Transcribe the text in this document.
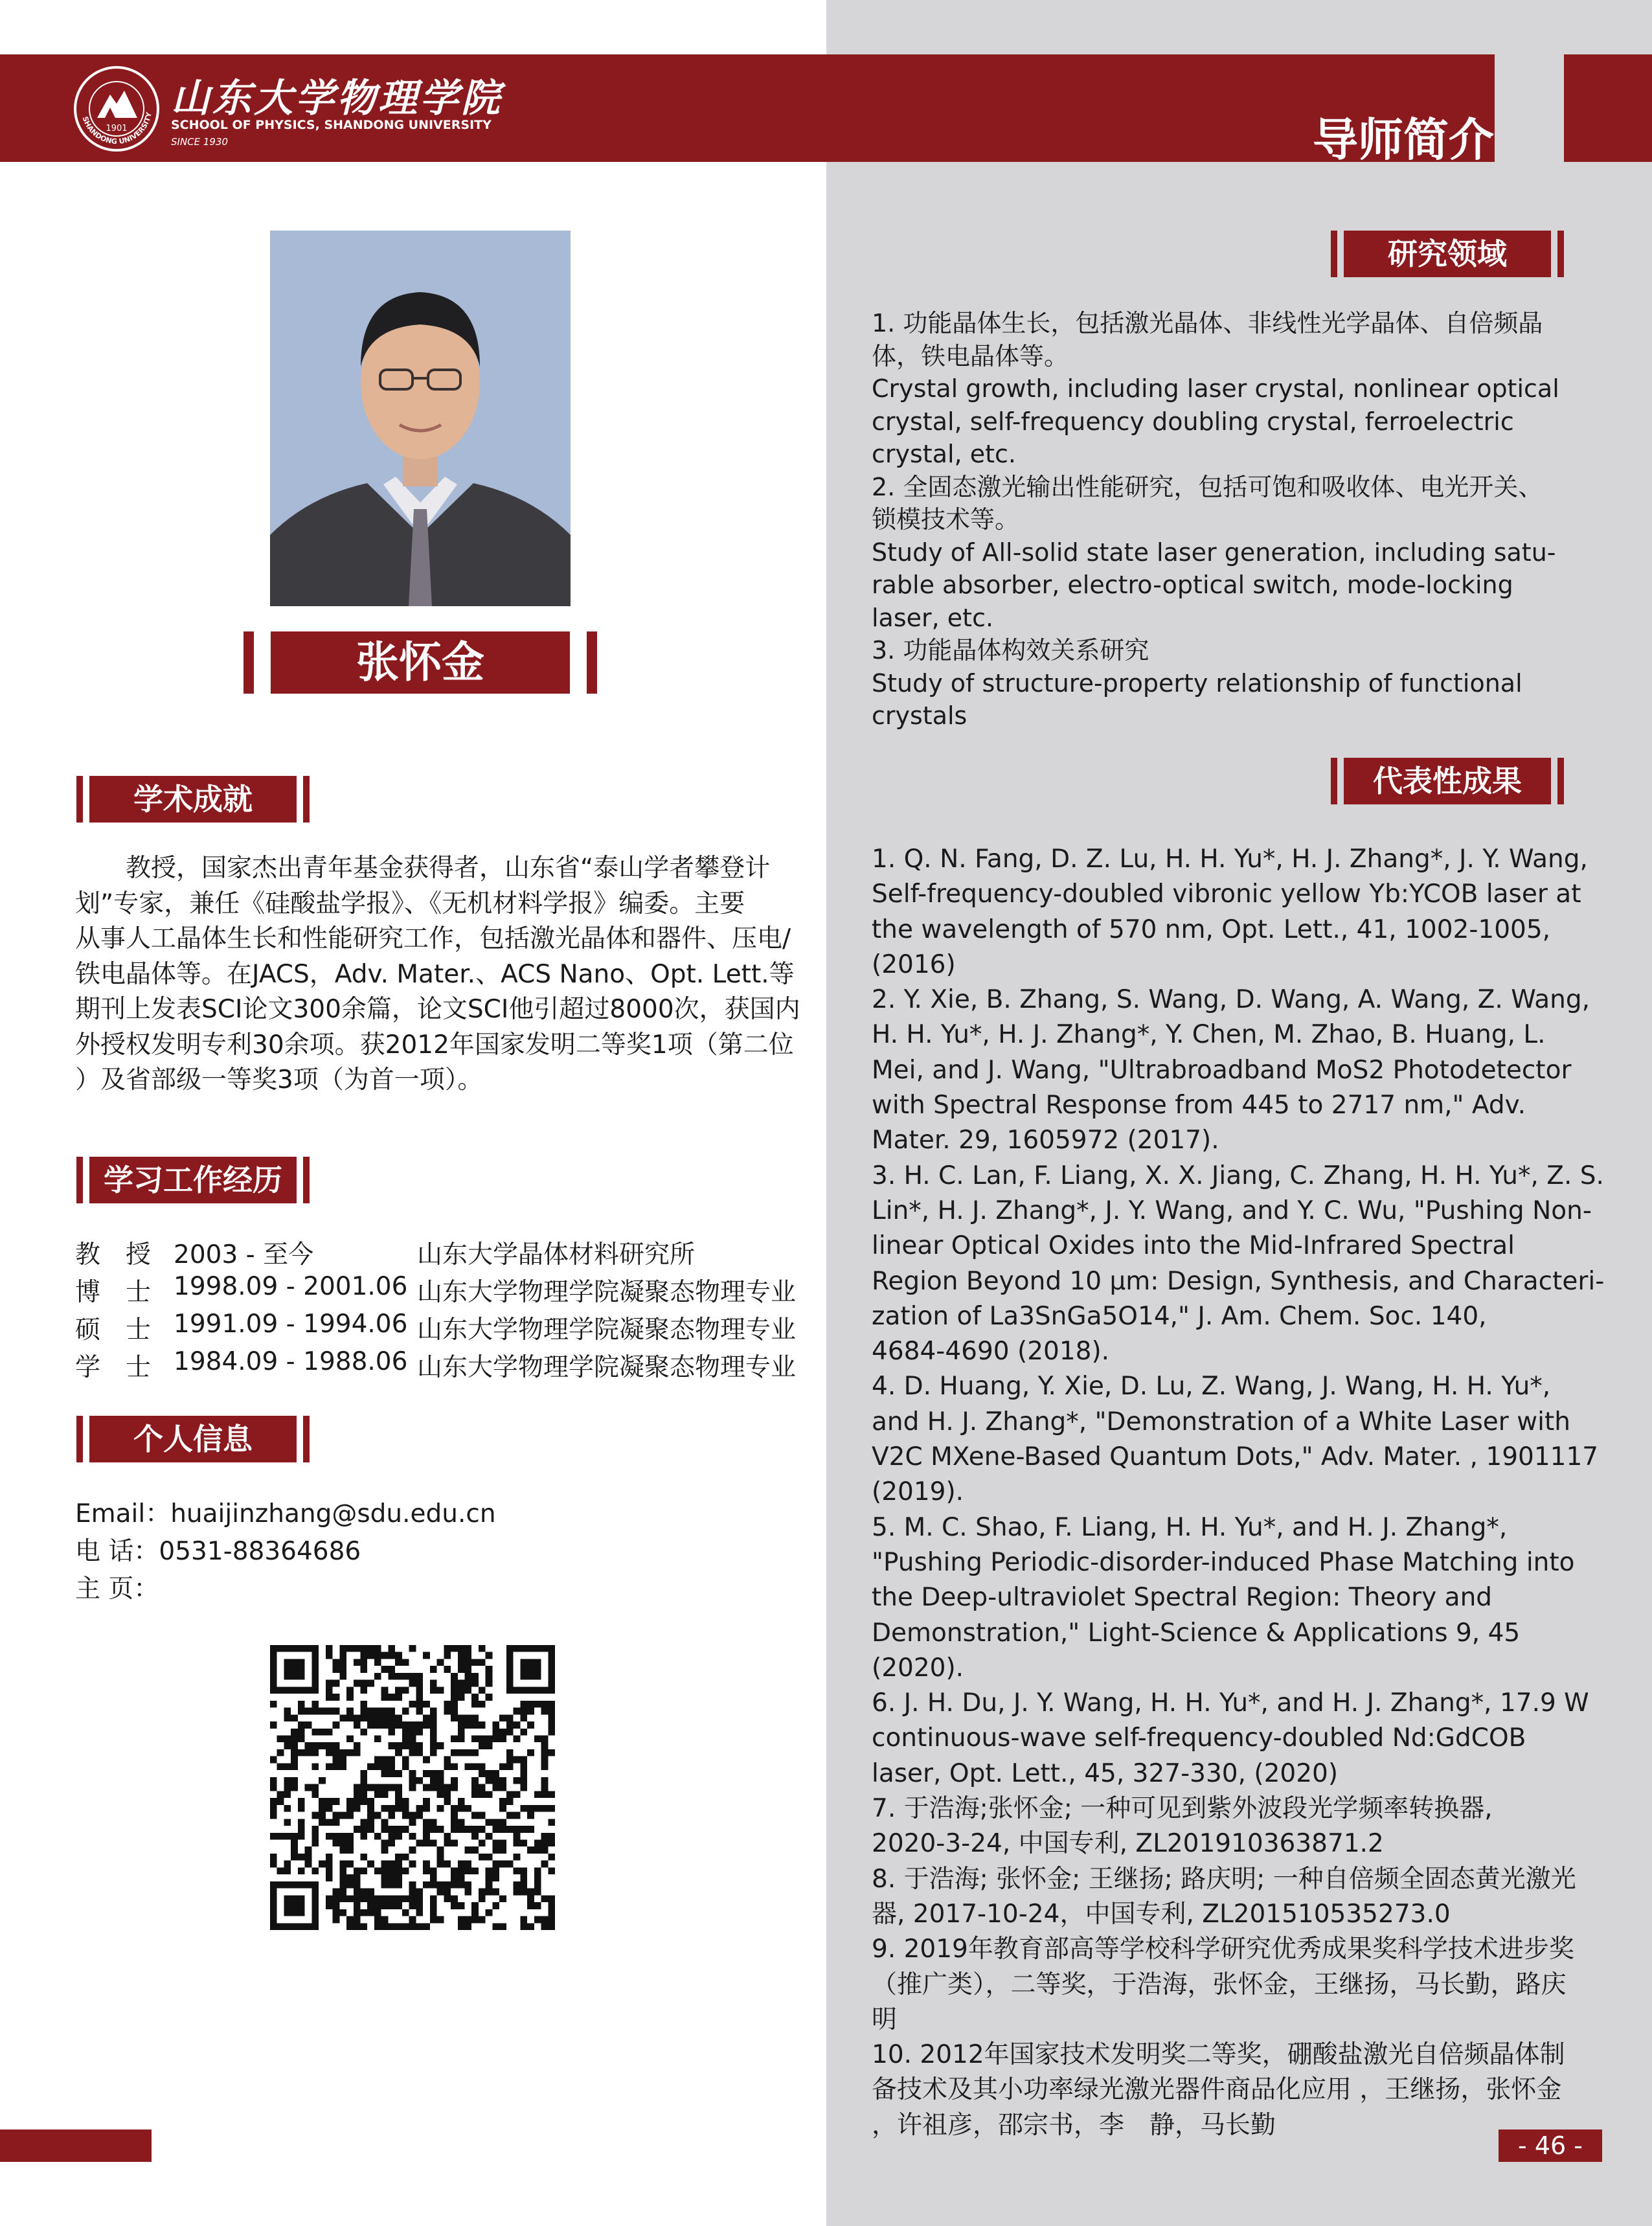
SHANDONG UNIVERSITY
1901
山东大学物理学院
SCHOOL OF PHYSICS, SHANDONG UNIVERSITY
SINCE 1930	导师简介
张怀金
学术成就
　　教授，国家杰出青年基金获得者，山东省“泰山学者攀登计
划”专家，兼任《硅酸盐学报》、《无机材料学报》编委。主要
从事人工晶体生长和性能研究工作，包括激光晶体和器件、压电/
铁电晶体等。在JACS，Adv. Mater.、ACS Nano、Opt. Lett.等
期刊上发表SCI论文300余篇，论文SCI他引超过8000次，获国内
外授权发明专利30余项。获2012年国家发明二等奖1项（第二位
）及省部级一等奖3项（为首一项）。
学习工作经历
教　授 2003 - 至今	山东大学晶体材料研究所
博　士 1998.09 - 2001.06 山东大学物理学院凝聚态物理专业
硕　士 1991.09 - 1994.06 山东大学物理学院凝聚态物理专业
学　士 1984.09 - 1988.06 山东大学物理学院凝聚态物理专业
个人信息
Email：huaijinzhang@sdu.edu.cn
电 话：0531-88364686
主 页：
研究领域
1. 功能晶体生长，包括激光晶体、非线性光学晶体、自倍频晶
体，铁电晶体等。
Crystal growth, including laser crystal, nonlinear optical
crystal, self-frequency doubling crystal, ferroelectric
crystal, etc.
2. 全固态激光输出性能研究，包括可饱和吸收体、电光开关、
锁模技术等。
Study of All-solid state laser generation, including satu-
rable absorber, electro-optical switch, mode-locking
laser, etc.
3. 功能晶体构效关系研究
Study of structure-property relationship of functional
crystals
代表性成果
1. Q. N. Fang, D. Z. Lu, H. H. Yu*, H. J. Zhang*, J. Y. Wang,
Self-frequency-doubled vibronic yellow Yb:YCOB laser at
the wavelength of 570 nm, Opt. Lett., 41, 1002-1005,
(2016)
2. Y. Xie, B. Zhang, S. Wang, D. Wang, A. Wang, Z. Wang,
H. H. Yu*, H. J. Zhang*, Y. Chen, M. Zhao, B. Huang, L.
Mei, and J. Wang, "Ultrabroadband MoS2 Photodetector
with Spectral Response from 445 to 2717 nm," Adv.
Mater. 29, 1605972 (2017).
3. H. C. Lan, F. Liang, X. X. Jiang, C. Zhang, H. H. Yu*, Z. S.
Lin*, H. J. Zhang*, J. Y. Wang, and Y. C. Wu, "Pushing Non-
linear Optical Oxides into the Mid-Infrared Spectral
Region Beyond 10 μm: Design, Synthesis, and Characteri-
zation of La3SnGa5O14," J. Am. Chem. Soc. 140,
4684-4690 (2018).
4. D. Huang, Y. Xie, D. Lu, Z. Wang, J. Wang, H. H. Yu*,
and H. J. Zhang*, "Demonstration of a White Laser with
V2C MXene-Based Quantum Dots," Adv. Mater. , 1901117
(2019).
5. M. C. Shao, F. Liang, H. H. Yu*, and H. J. Zhang*,
"Pushing Periodic-disorder-induced Phase Matching into
the Deep-ultraviolet Spectral Region: Theory and
Demonstration," Light-Science & Applications 9, 45
(2020).
6. J. H. Du, J. Y. Wang, H. H. Yu*, and H. J. Zhang*, 17.9 W
continuous-wave self-frequency-doubled Nd:GdCOB
laser, Opt. Lett., 45, 327-330, (2020)
7. 于浩海;张怀金; 一种可见到紫外波段光学频率转换器,
2020-3-24, 中国专利, ZL201910363871.2
8. 于浩海; 张怀金; 王继扬; 路庆明; 一种自倍频全固态黄光激光
器, 2017-10-24，中国专利, ZL201510535273.0
9. 2019年教育部高等学校科学研究优秀成果奖科学技术进步奖
（推广类），二等奖，于浩海，张怀金，王继扬，马长勤，路庆
明
10. 2012年国家技术发明奖二等奖，硼酸盐激光自倍频晶体制
备技术及其小功率绿光激光器件商品化应用 ，王继扬，张怀金
，许祖彦，邵宗书，李　静，马长勤
- 46 -
